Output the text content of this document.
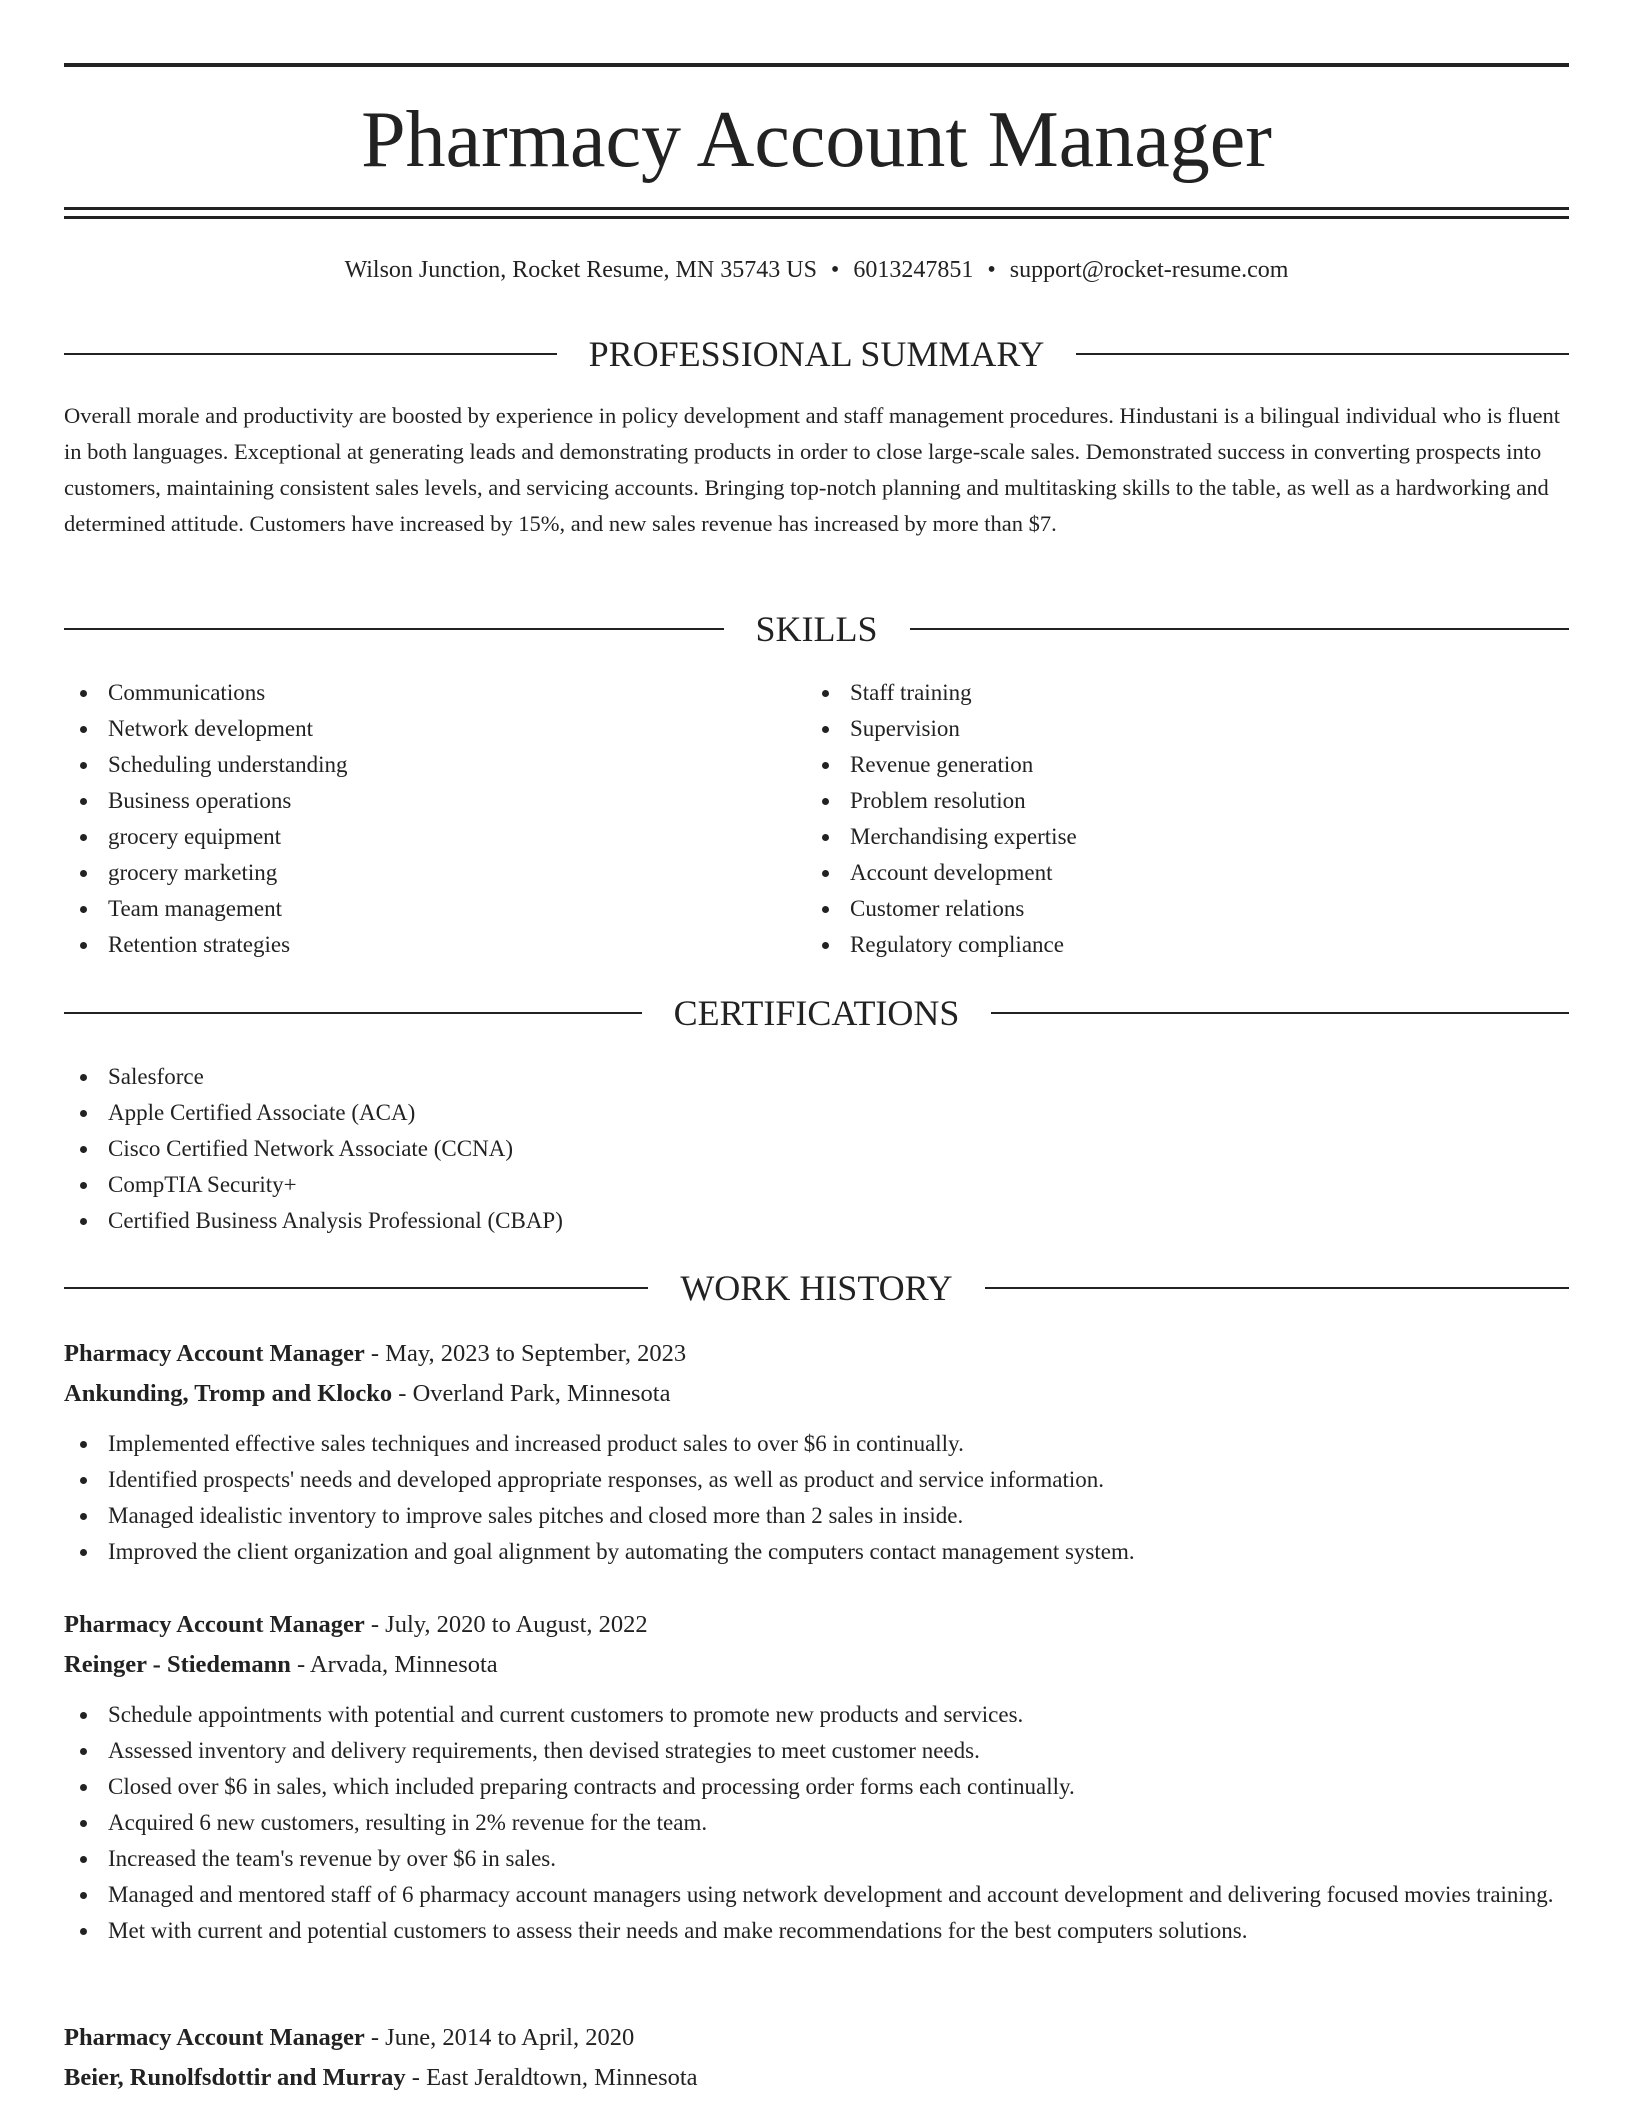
Pharmacy Account Manager
Wilson Junction, Rocket Resume, MN 35743 US • 6013247851 • support@rocket-resume.com
PROFESSIONAL SUMMARY

Overall morale and productivity are boosted by experience in policy development and staff management procedures. Hindustani is a bilingual individual who is fluent in both languages. Exceptional at generating leads and demonstrating products in order to close large-scale sales. Demonstrated success in converting prospects into customers, maintaining consistent sales levels, and servicing accounts. Bringing top-notch planning and multitasking skills to the table, as well as a hardworking and determined attitude. Customers have increased by 15%, and new sales revenue has increased by more than $7.

SKILLS
Communications
Network development
Scheduling understanding
Business operations
grocery equipment
grocery marketing
Team management
Retention strategies
Staff training
Supervision
Revenue generation
Problem resolution
Merchandising expertise
Account development
Customer relations
Regulatory compliance
CERTIFICATIONS
Salesforce
Apple Certified Associate (ACA)
Cisco Certified Network Associate (CCNA)
CompTIA Security+
Certified Business Analysis Professional (CBAP)
WORK HISTORY
Pharmacy Account Manager - May, 2023 to September, 2023
Ankunding, Tromp and Klocko - Overland Park, Minnesota
Implemented effective sales techniques and increased product sales to over $6 in continually.
Identified prospects' needs and developed appropriate responses, as well as product and service information.
Managed idealistic inventory to improve sales pitches and closed more than 2 sales in inside.
Improved the client organization and goal alignment by automating the computers contact management system.
Pharmacy Account Manager - July, 2020 to August, 2022
Reinger - Stiedemann - Arvada, Minnesota
Schedule appointments with potential and current customers to promote new products and services.
Assessed inventory and delivery requirements, then devised strategies to meet customer needs.
Closed over $6 in sales, which included preparing contracts and processing order forms each continually.
Acquired 6 new customers, resulting in 2% revenue for the team.
Increased the team's revenue by over $6 in sales.
Managed and mentored staff of 6 pharmacy account managers using network development and account development and delivering focused movies training.
Met with current and potential customers to assess their needs and make recommendations for the best computers solutions.
Pharmacy Account Manager - June, 2014 to April, 2020
Beier, Runolfsdottir and Murray - East Jeraldtown, Minnesota
